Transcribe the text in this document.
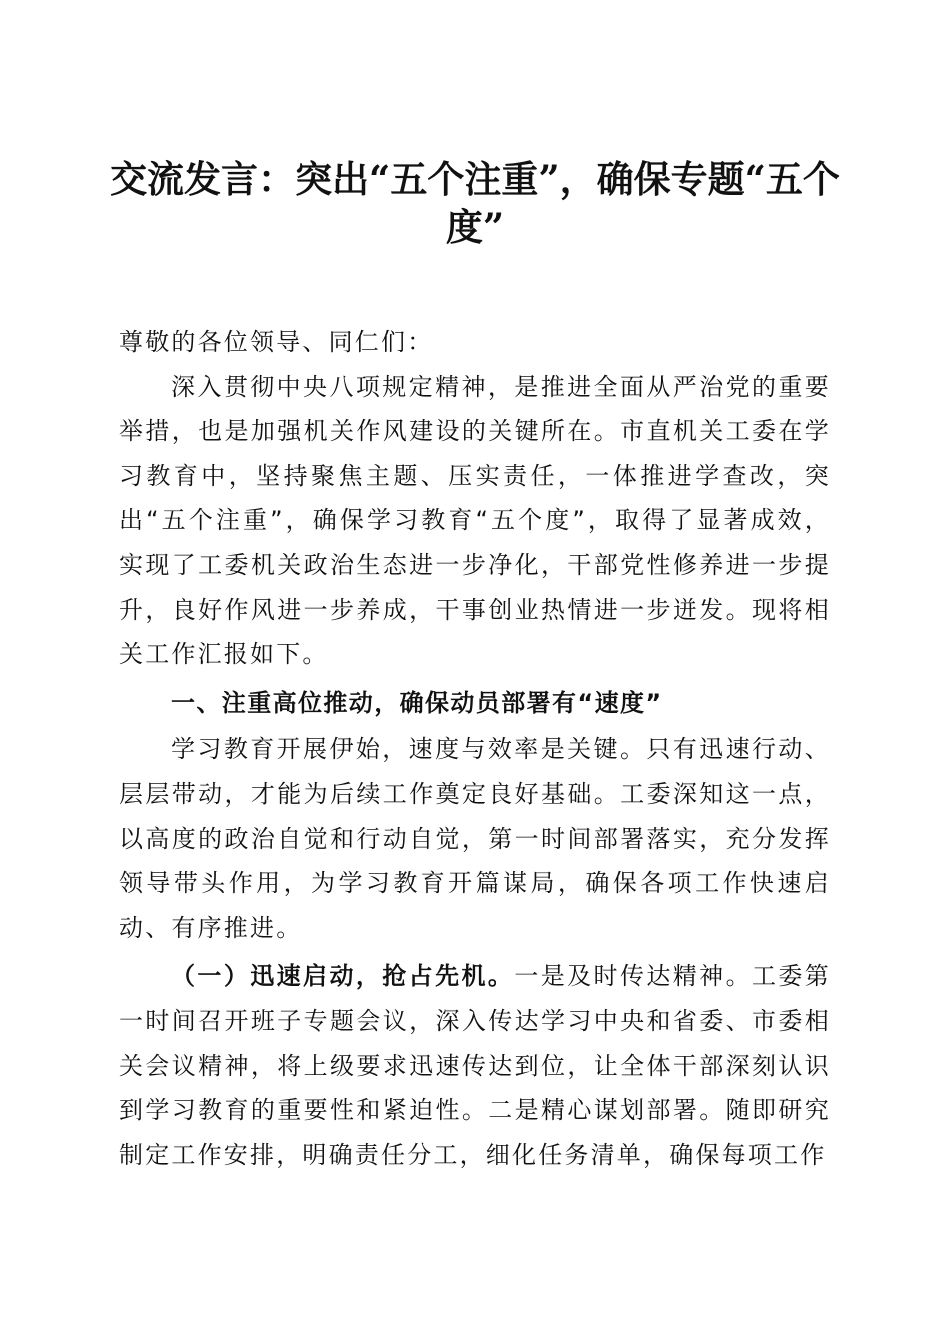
交流发言：突出“五个注重”，确保专题“五个度”

尊敬的各位领导、同仁们：

深入贯彻中央八项规定精神，是推进全面从严治党的重要举措，也是加强机关作风建设的关键所在。市直机关工委在学习教育中，坚持聚焦主题、压实责任，一体推进学查改，突出“五个注重”，确保学习教育“五个度”，取得了显著成效，实现了工委机关政治生态进一步净化，干部党性修养进一步提升，良好作风进一步养成，干事创业热情进一步迸发。现将相关工作汇报如下。

一、注重高位推动，确保动员部署有“速度”

学习教育开展伊始，速度与效率是关键。只有迅速行动、层层带动，才能为后续工作奠定良好基础。工委深知这一点，以高度的政治自觉和行动自觉，第一时间部署落实，充分发挥领导带头作用，为学习教育开篇谋局，确保各项工作快速启动、有序推进。

（一）迅速启动，抢占先机。一是及时传达精神。工委第一时间召开班子专题会议，深入传达学习中央和省委、市委相关会议精神，将上级要求迅速传达到位，让全体干部深刻认识到学习教育的重要性和紧迫性。二是精心谋划部署。随即研究制定工作安排，明确责任分工，细化任务清单，确保每项工作
